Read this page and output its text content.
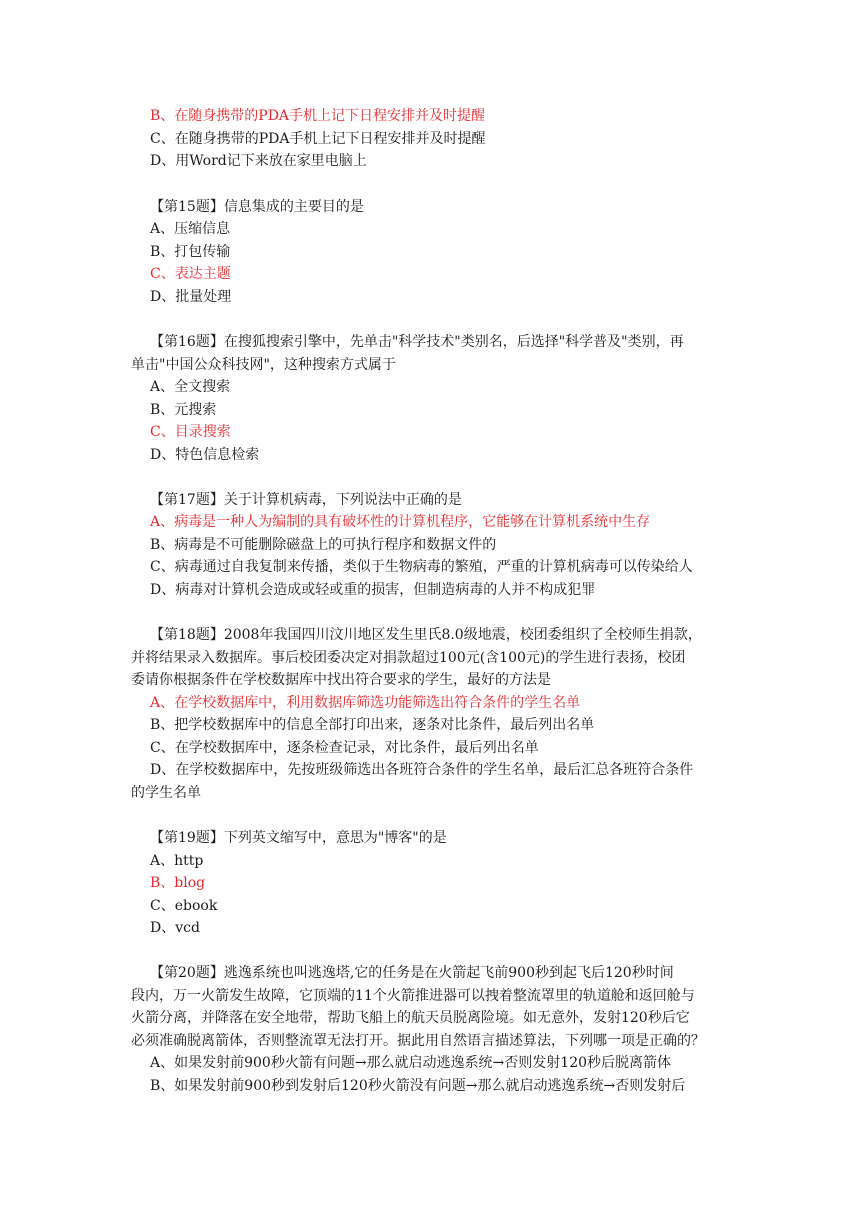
B、在随身携带的PDA手机上记下日程安排并及时提醒
C、在随身携带的PDA手机上记下日程安排并及时提醒
D、用Word记下来放在家里电脑上
【第15题】信息集成的主要目的是
A、压缩信息
B、打包传输
C、表达主题
D、批量处理
【第16题】在搜狐搜索引擎中，先单击"科学技术"类别名，后选择"科学普及"类别，再
单击"中国公众科技网"，这种搜索方式属于
A、全文搜索
B、元搜索
C、目录搜索
D、特色信息检索
【第17题】关于计算机病毒，下列说法中正确的是
A、病毒是一种人为编制的具有破坏性的计算机程序，它能够在计算机系统中生存
B、病毒是不可能删除磁盘上的可执行程序和数据文件的
C、病毒通过自我复制来传播，类似于生物病毒的繁殖，严重的计算机病毒可以传染给人
D、病毒对计算机会造成或轻或重的损害，但制造病毒的人并不构成犯罪
【第18题】2008年我国四川汶川地区发生里氏8.0级地震，校团委组织了全校师生捐款，
并将结果录入数据库。事后校团委决定对捐款超过100元(含100元)的学生进行表扬，校团
委请你根据条件在学校数据库中找出符合要求的学生，最好的方法是
A、在学校数据库中，利用数据库筛选功能筛选出符合条件的学生名单
B、把学校数据库中的信息全部打印出来，逐条对比条件，最后列出名单
C、在学校数据库中，逐条检查记录，对比条件，最后列出名单
D、在学校数据库中，先按班级筛选出各班符合条件的学生名单，最后汇总各班符合条件
的学生名单
【第19题】下列英文缩写中，意思为"博客"的是
A、http
B、blog
C、ebook
D、vcd
【第20题】逃逸系统也叫逃逸塔,它的任务是在火箭起飞前900秒到起飞后120秒时间
段内，万一火箭发生故障，它顶端的11个火箭推进器可以拽着整流罩里的轨道舱和返回舱与
火箭分离，并降落在安全地带，帮助飞船上的航天员脱离险境。如无意外，发射120秒后它
必须准确脱离箭体，否则整流罩无法打开。据此用自然语言描述算法，下列哪一项是正确的？
A、如果发射前900秒火箭有问题→那么就启动逃逸系统→否则发射120秒后脱离箭体
B、如果发射前900秒到发射后120秒火箭没有问题→那么就启动逃逸系统→否则发射后
